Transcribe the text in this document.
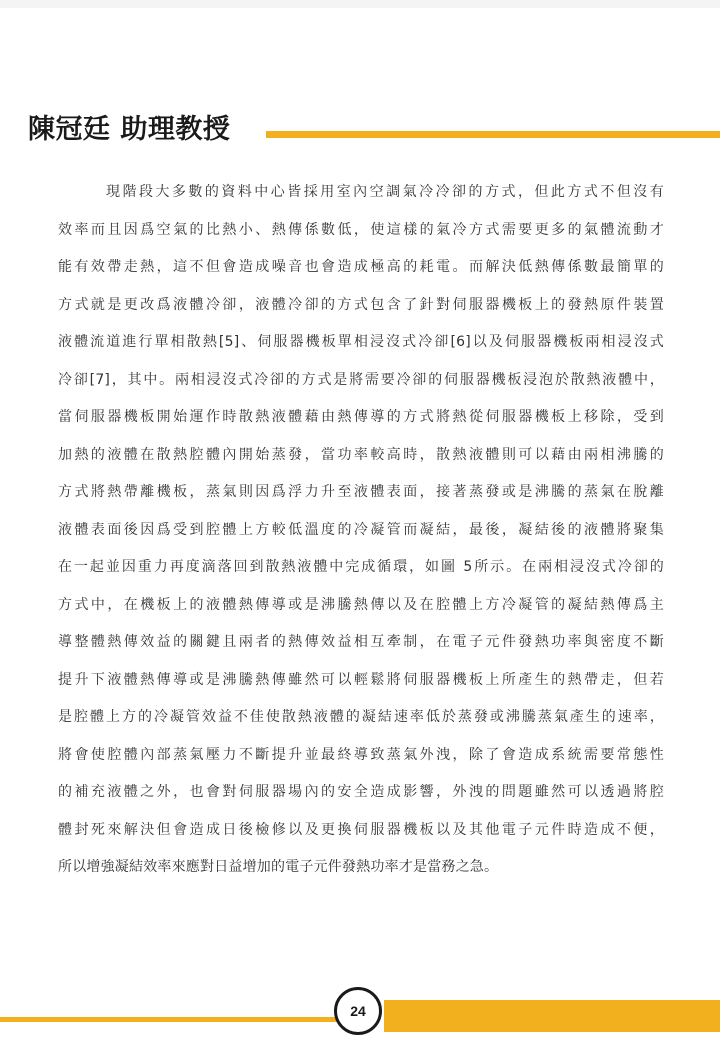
陳冠廷 助理教授
現階段大多數的資料中心皆採用室內空調氣冷冷卻的方式，但此方式不但沒有
效率而且因爲空氣的比熱小、熱傳係數低，使這樣的氣冷方式需要更多的氣體流動才
能有效帶走熱，這不但會造成噪音也會造成極高的耗電。而解決低熱傳係數最簡單的
方式就是更改爲液體冷卻，液體冷卻的方式包含了針對伺服器機板上的發熱原件裝置
液體流道進行單相散熱[5]、伺服器機板單相浸沒式冷卻[6]以及伺服器機板兩相浸沒式
冷卻[7]，其中。兩相浸沒式冷卻的方式是將需要冷卻的伺服器機板浸泡於散熱液體中，
當伺服器機板開始運作時散熱液體藉由熱傳導的方式將熱從伺服器機板上移除，受到
加熱的液體在散熱腔體內開始蒸發，當功率較高時，散熱液體則可以藉由兩相沸騰的
方式將熱帶離機板，蒸氣則因爲浮力升至液體表面，接著蒸發或是沸騰的蒸氣在脫離
液體表面後因爲受到腔體上方較低溫度的冷凝管而凝結，最後，凝結後的液體將聚集
在一起並因重力再度滴落回到散熱液體中完成循環，如圖 5所示。在兩相浸沒式冷卻的
方式中，在機板上的液體熱傳導或是沸騰熱傳以及在腔體上方冷凝管的凝結熱傳爲主
導整體熱傳效益的關鍵且兩者的熱傳效益相互牽制，在電子元件發熱功率與密度不斷
提升下液體熱傳導或是沸騰熱傳雖然可以輕鬆將伺服器機板上所產生的熱帶走，但若
是腔體上方的冷凝管效益不佳使散熱液體的凝結速率低於蒸發或沸騰蒸氣產生的速率，
將會使腔體內部蒸氣壓力不斷提升並最終導致蒸氣外洩，除了會造成系統需要常態性
的補充液體之外，也會對伺服器場內的安全造成影響，外洩的問題雖然可以透過將腔
體封死來解決但會造成日後檢修以及更換伺服器機板以及其他電子元件時造成不便，
所以增強凝結效率來應對日益增加的電子元件發熱功率才是當務之急。
24
